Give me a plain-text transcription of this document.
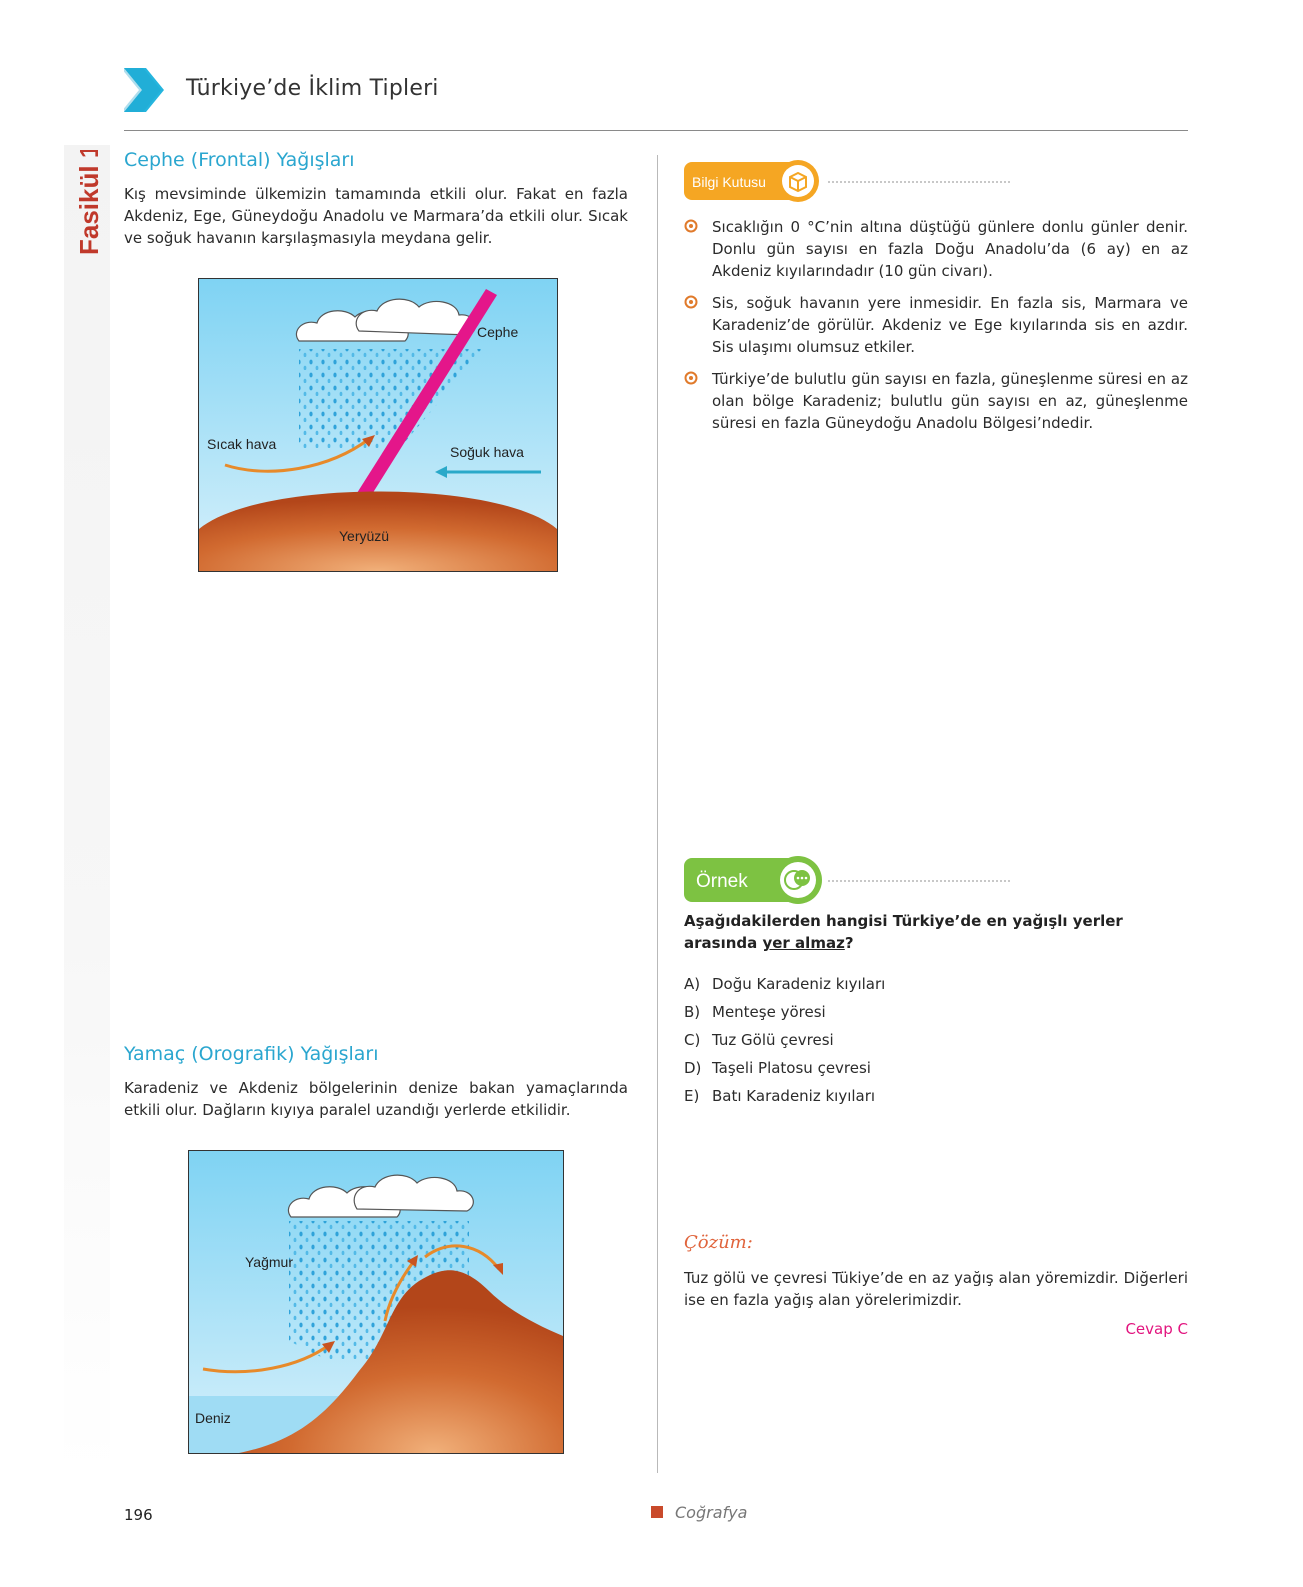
Fasikül 17
Türkiye’de İklim Tipleri
Cephe (Frontal) Yağışları
Kış mevsiminde ülkemizin tamamında etkili olur. Fakat en fazla Akdeniz, Ege, Güneydoğu Anadolu ve Marmara’da etkili olur. Sıcak ve soğuk havanın karşılaşmasıyla meydana gelir.
Cephe
Sıcak hava	Soğuk hava
Yeryüzü
Yamaç (Orografik) Yağışları
Karadeniz ve Akdeniz bölgelerinin denize bakan yamaçlarında etkili olur. Dağların kıyıya paralel uzandığı yerlerde etkilidir.
Yağmur
Deniz
Bilgi Kutusu
Sıcaklığın 0 °C’nin altına düştüğü günlere donlu günler denir. Donlu gün sayısı en fazla Doğu Anadolu’da (6 ay) en az Akdeniz kıyılarındadır (10 gün civarı).
Sis, soğuk havanın yere inmesidir. En fazla sis, Marmara ve Karadeniz’de görülür. Akdeniz ve Ege kıyılarında sis en azdır. Sis ulaşımı olumsuz etkiler.
Türkiye’de bulutlu gün sayısı en fazla, güneşlenme süresi en az olan bölge Karadeniz; bulutlu gün sayısı en az, güneşlenme süresi en fazla Güneydoğu Anadolu Bölgesi’ndedir.
Örnek
Aşağıdakilerden hangisi Türkiye’de en yağışlı yerler arasında yer almaz?
A) Doğu Karadeniz kıyıları
B) Menteşe yöresi
C) Tuz Gölü çevresi
D) Taşeli Platosu çevresi
E) Batı Karadeniz kıyıları
Çözüm:
Tuz gölü ve çevresi Tükiye’de en az yağış alan yöremizdir. Diğerleri ise en fazla yağış alan yörelerimizdir.
Cevap C
196	Coğrafya
